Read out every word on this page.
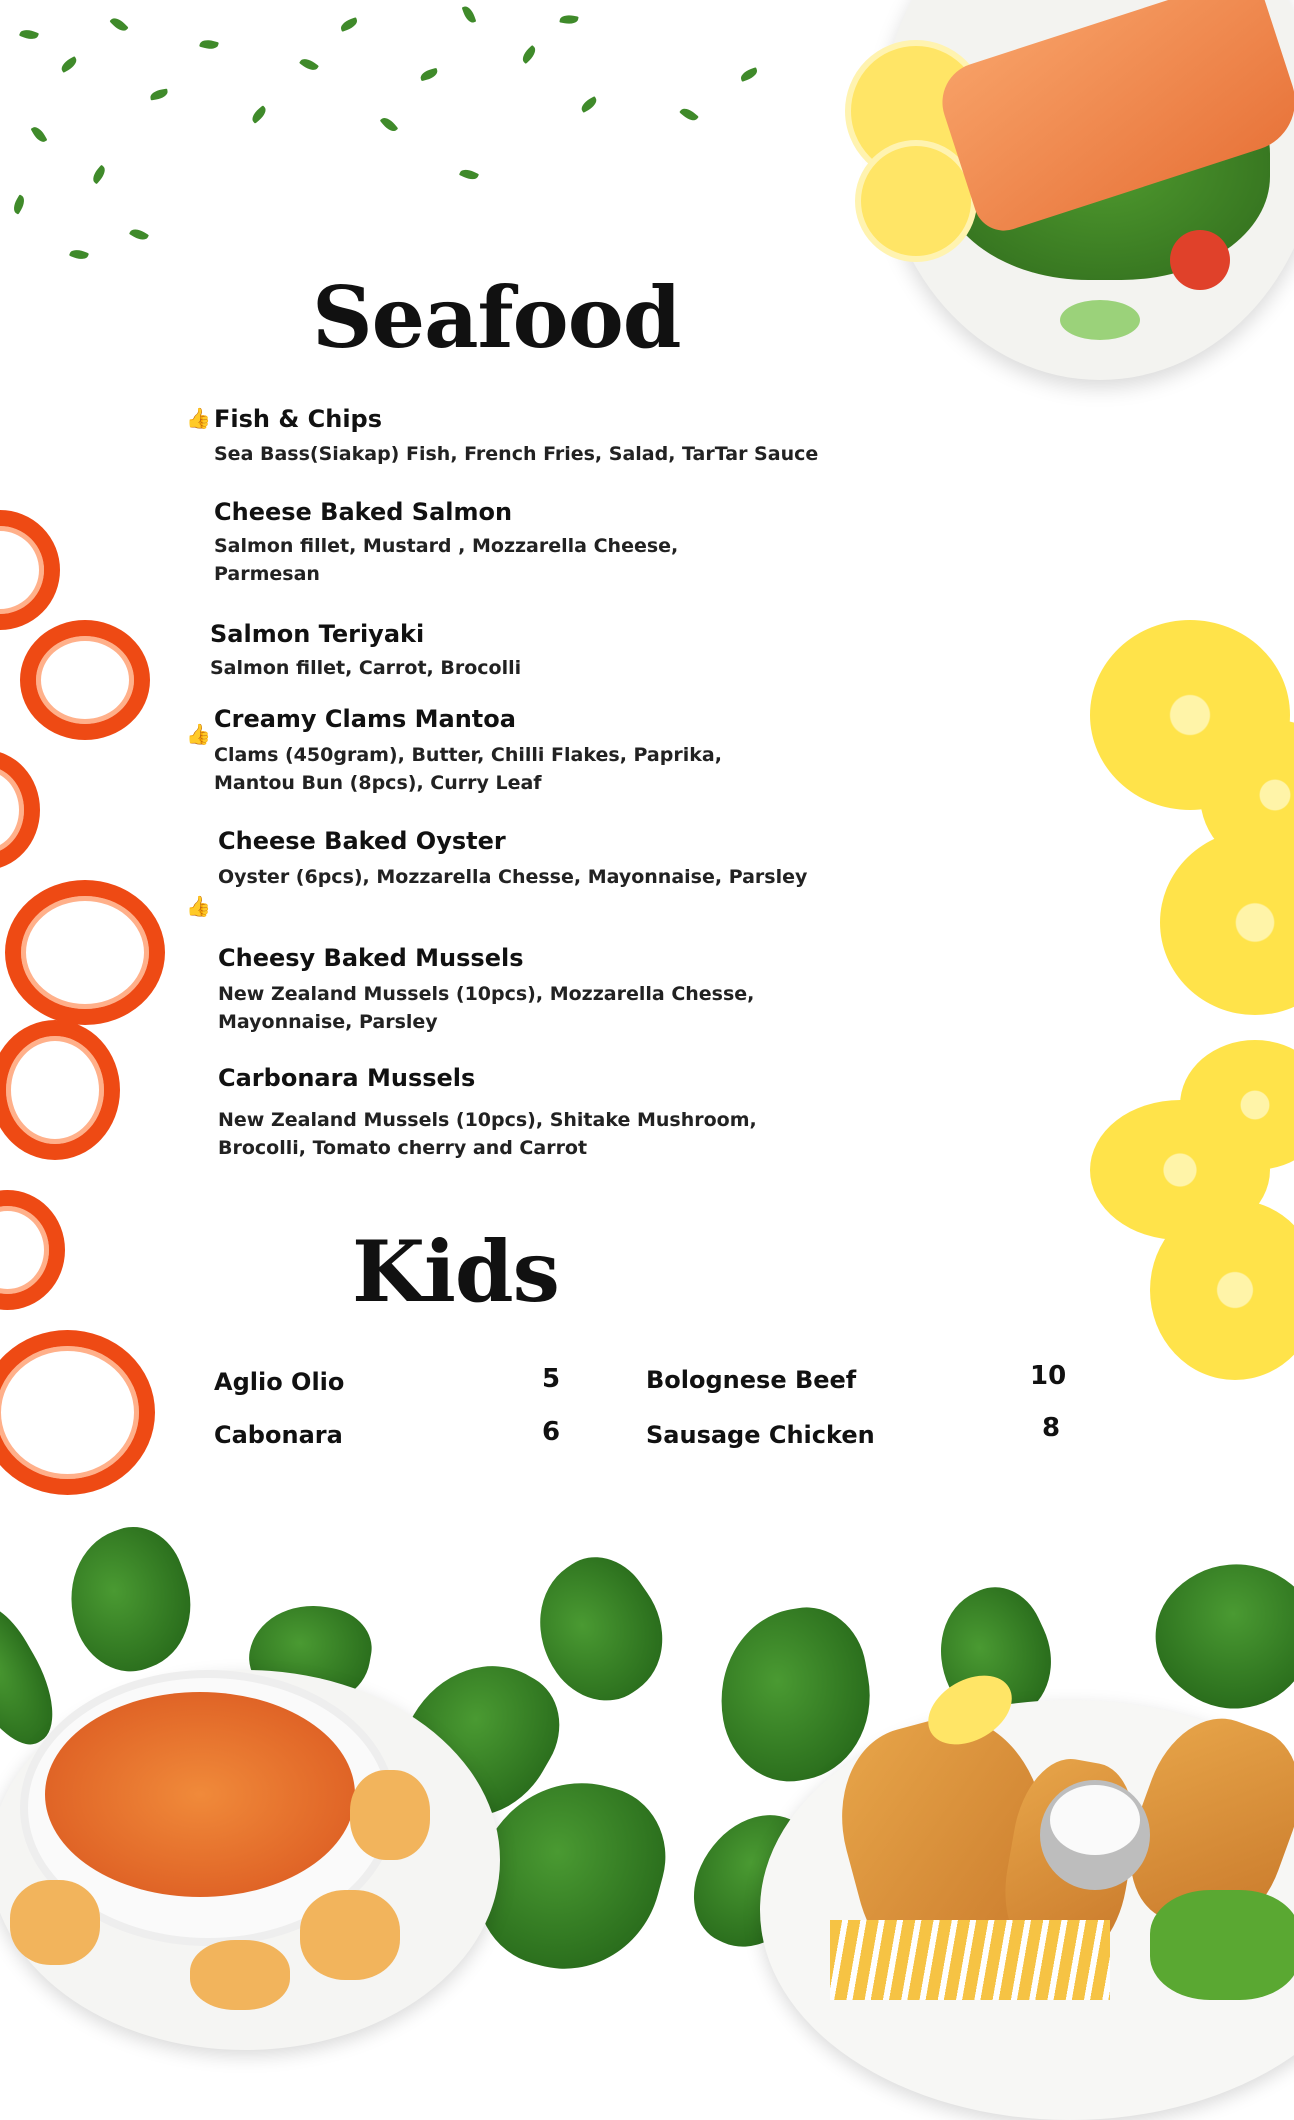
Seafood
👍 Fish & Chips
Sea Bass(Siakap) Fish, French Fries, Salad, TarTar Sauce
Cheese Baked Salmon
Salmon fillet, Mustard , Mozzarella Cheese, Parmesan
Salmon Teriyaki
Salmon fillet, Carrot, Brocolli
👍
Creamy Clams Mantoa
Clams (450gram), Butter, Chilli Flakes, Paprika, Mantou Bun (8pcs), Curry Leaf
👍
Cheese Baked Oyster
Oyster (6pcs), Mozzarella Chesse, Mayonnaise, Parsley
Cheesy Baked Mussels
New Zealand Mussels (10pcs), Mozzarella Chesse, Mayonnaise, Parsley
Carbonara Mussels
New Zealand Mussels (10pcs), Shitake Mushroom, Brocolli, Tomato cherry and Carrot
Kids
Aglio Olio	5
Cabonara	6
Bolognese Beef	10
Sausage Chicken	8
